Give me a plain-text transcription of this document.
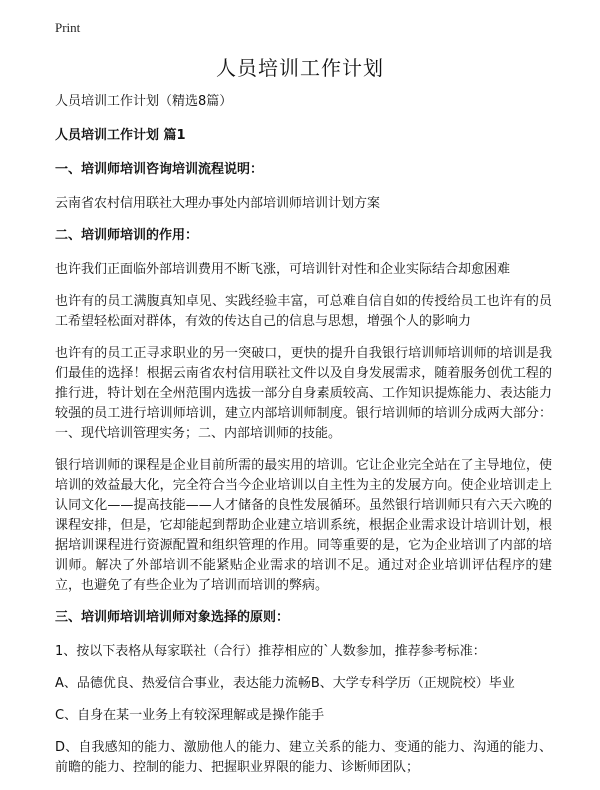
Print
人员培训工作计划

人员培训工作计划（精选8篇）

人员培训工作计划 篇1

一、培训师培训咨询培训流程说明：

云南省农村信用联社大理办事处内部培训师培训计划方案

二、培训师培训的作用：

也许我们正面临外部培训费用不断飞涨，可培训针对性和企业实际结合却愈困难

也许有的员工满腹真知卓见、实践经验丰富，可总难自信自如的传授给员工也许有的员工希望轻松面对群体，有效的传达自己的信息与思想，增强个人的影响力

也许有的员工正寻求职业的另一突破口，更快的提升自我银行培训师培训师的培训是我们最佳的选择！根据云南省农村信用联社文件以及自身发展需求，随着服务创优工程的推行进，特计划在全州范围内选拔一部分自身素质较高、工作知识提炼能力、表达能力较强的员工进行培训师培训，建立内部培训师制度。银行培训师的培训分成两大部分：一、现代培训管理实务；二、内部培训师的技能。

银行培训师的课程是企业目前所需的最实用的培训。它让企业完全站在了主导地位，使培训的效益最大化，完全符合当今企业培训以自主性为主的发展方向。使企业培训走上认同文化——提高技能——人才储备的良性发展循环。虽然银行培训师只有六天六晚的课程安排，但是，它却能起到帮助企业建立培训系统，根据企业需求设计培训计划，根据培训课程进行资源配置和组织管理的作用。同等重要的是，它为企业培训了内部的培训师。解决了外部培训不能紧贴企业需求的培训不足。通过对企业培训评估程序的建立，也避免了有些企业为了培训而培训的弊病。

三、培训师培训培训师对象选择的原则：

1、按以下表格从每家联社（合行）推荐相应的`人数参加，推荐参考标准：

A、品德优良、热爱信合事业，表达能力流畅B、大学专科学历（正规院校）毕业

C、自身在某一业务上有较深理解或是操作能手

D、自我感知的能力、激励他人的能力、建立关系的能力、变通的能力、沟通的能力、前瞻的能力、控制的能力、把握职业界限的能力、诊断师团队；
